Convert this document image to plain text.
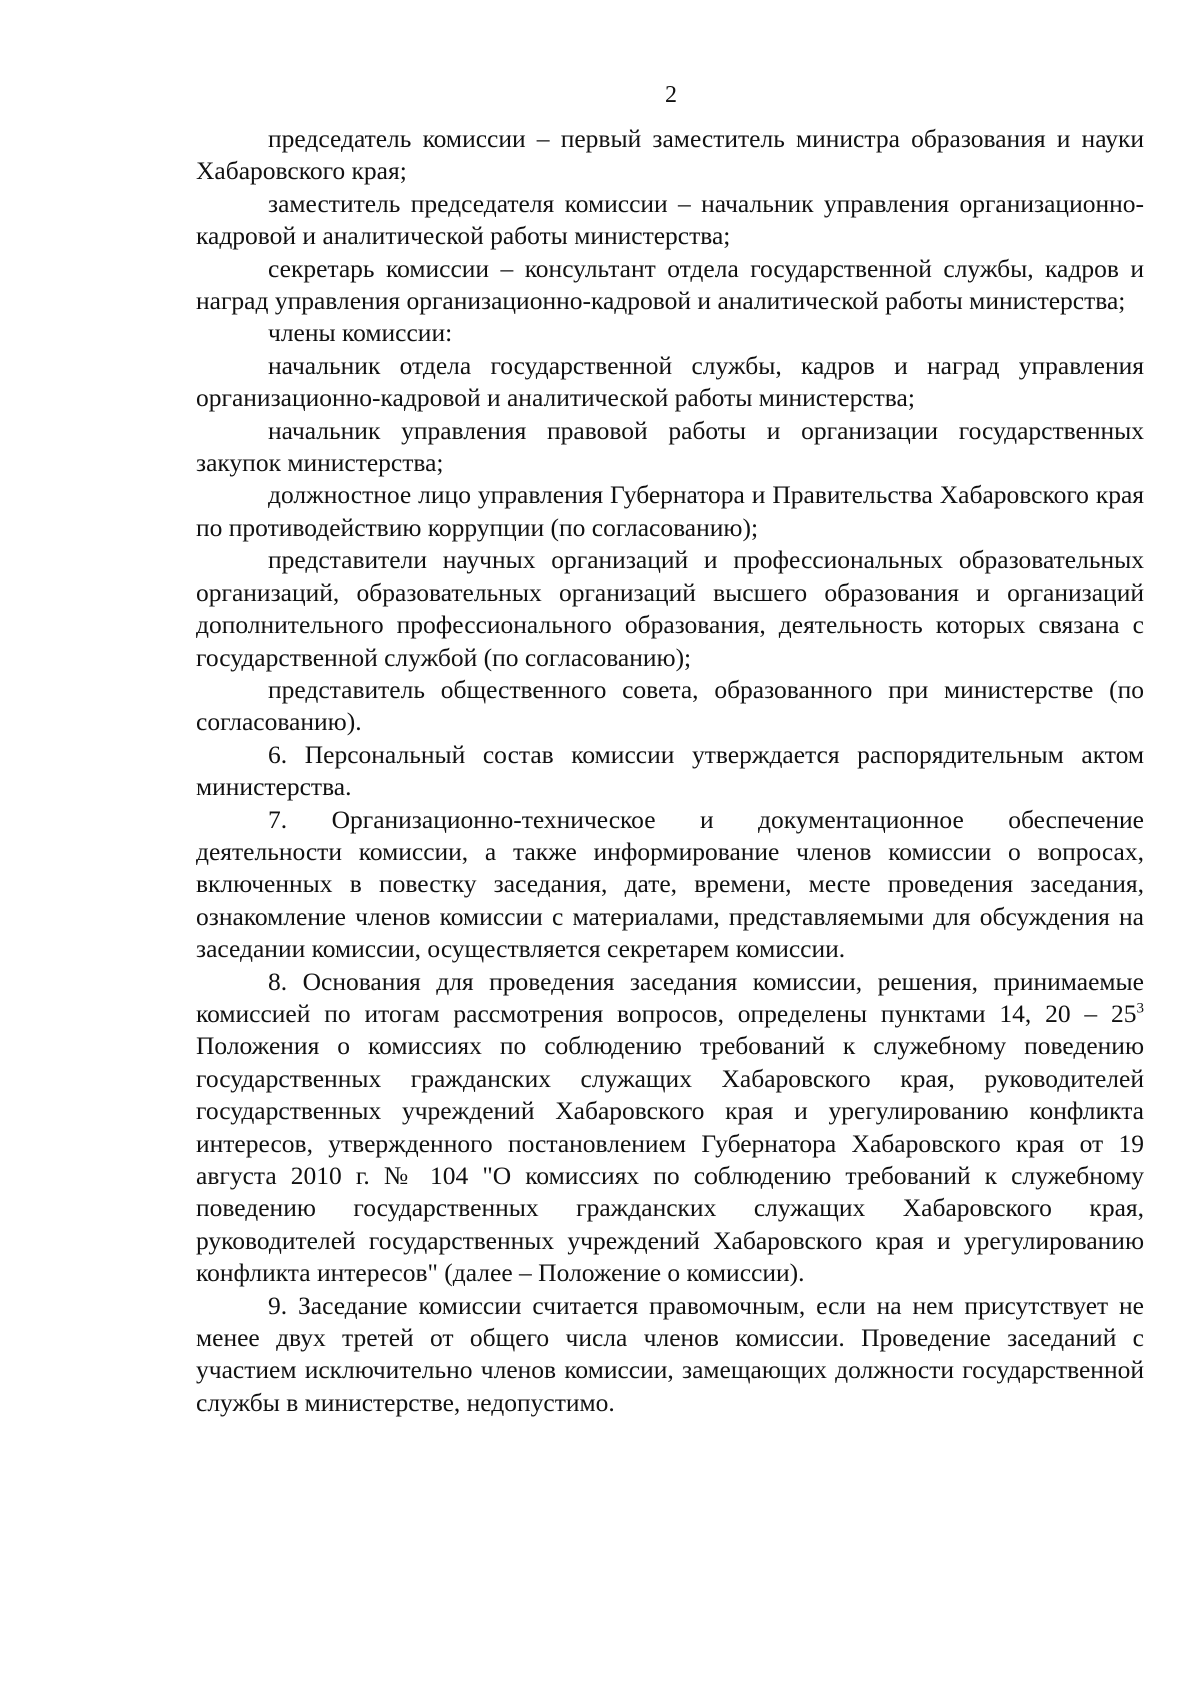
2

председатель комиссии – первый заместитель министра образования и науки Хабаровского края;

заместитель председателя комиссии – начальник управления организационно-кадровой и аналитической работы министерства;

секретарь комиссии – консультант отдела государственной службы, кадров и наград управления организационно-кадровой и аналитической работы министерства;

члены комиссии:

начальник отдела государственной службы, кадров и наград управления организационно-кадровой и аналитической работы министерства;

начальник управления правовой работы и организации государственных закупок министерства;

должностное лицо управления Губернатора и Правительства Хабаровского края по противодействию коррупции (по согласованию);

представители научных организаций и профессиональных образовательных организаций, образовательных организаций высшего образования и организаций дополнительного профессионального образования, деятельность которых связана с государственной службой (по согласованию);

представитель общественного совета, образованного при министерстве (по согласованию).

6. Персональный состав комиссии утверждается распорядительным актом министерства.

7. Организационно-техническое и документационное обеспечение деятельности комиссии, а также информирование членов комиссии о вопросах, включенных в повестку заседания, дате, времени, месте проведения заседания, ознакомление членов комиссии с материалами, представляемыми для обсуждения на заседании комиссии, осуществляется секретарем комиссии.

8. Основания для проведения заседания комиссии, решения, принимаемые комиссией по итогам рассмотрения вопросов, определены пунктами 14, $20 - 25^3$ Положения о комиссиях по соблюдению требований к служебному поведению государственных гражданских служащих Хабаровского края, руководителей государственных учреждений Хабаровского края и урегулированию конфликта интересов, утвержденного постановлением Губернатора Хабаровского края от 19 августа 2010 г. № 104 "О комиссиях по соблюдению требований к служебному поведению государственных гражданских служащих Хабаровского края, руководителей государственных учреждений Хабаровского края и урегулированию конфликта интересов" (далее – Положение о комиссии).

9. Заседание комиссии считается правомочным, если на нем присутствует не менее двух третей от общего числа членов комиссии. Проведение заседаний с участием исключительно членов комиссии, замещающих должности государственной службы в министерстве, недопустимо.
